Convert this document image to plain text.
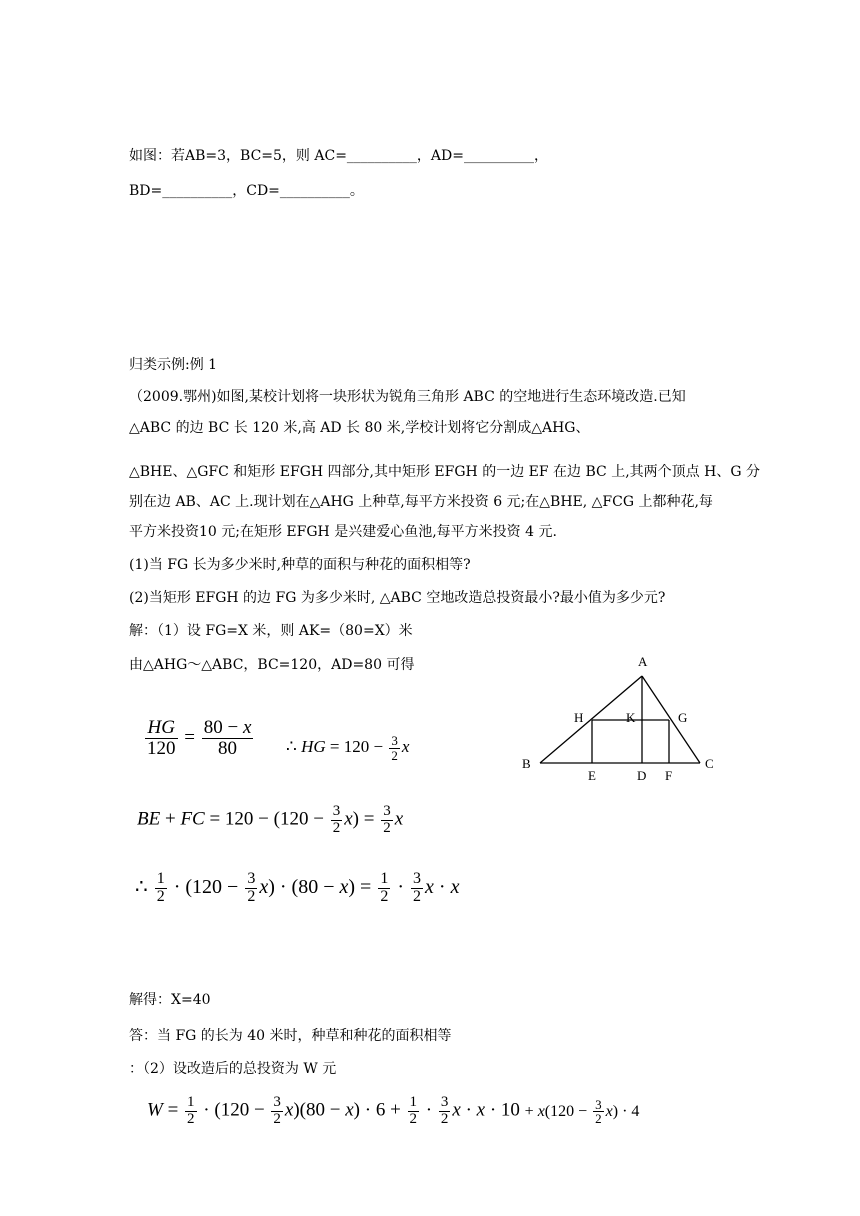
如图：若AB=3，BC=5，则 AC=__________，AD=__________，
BD=__________，CD=__________。
归类示例:例 1
（2009.鄂州)如图,某校计划将一块形状为锐角三角形 ABC 的空地进行生态环境改造.已知
△ABC 的边 BC 长 120 米,高 AD 长 80 米,学校计划将它分割成△AHG、
△BHE、△GFC 和矩形 EFGH 四部分,其中矩形 EFGH 的一边 EF 在边 BC 上,其两个顶点 H、G 分
别在边 AB、AC 上.现计划在△AHG 上种草,每平方米投资 6 元;在△BHE, △FCG 上都种花,每
平方米投资10 元;在矩形 EFGH 是兴建爱心鱼池,每平方米投资 4 元.
(1)当 FG 长为多少米时,种草的面积与种花的面积相等?
(2)当矩形 EFGH 的边 FG 为多少米时, △ABC 空地改造总投资最小?最小值为多少元?
解：（1）设 FG=X 米，则 AK=（80=X）米
由△AHG～△ABC，BC=120，AD=80 可得
$\frac{HG}{120} = \frac{80 - x}{80}$ ∴ HG = $120 - \frac{3}{2}$ x
BE + FC = $120 - (120 - \frac{3}{2} x) = \frac{3}{2}$ x
∴ $\frac{1}{2} \cdot (120 - \frac{3}{2} x) \cdot (80 - x) = \frac{1}{2} \cdot \frac{3}{2}$ x · x
解得：X=40
答：当 FG 的长为 40 米时，种草和种花的面积相等
：（2）设改造后的总投资为 W 元
$W = \frac{1}{2} \cdot (120 - \frac{3}{2} x)(80 - x) \cdot 6 + \frac{1}{2} \cdot \frac{3}{2}$ $x \cdot x \cdot 10 + x(120 - \frac{3}{2} x) \cdot 4$
A
B	C
D
E	F
G
H	K
